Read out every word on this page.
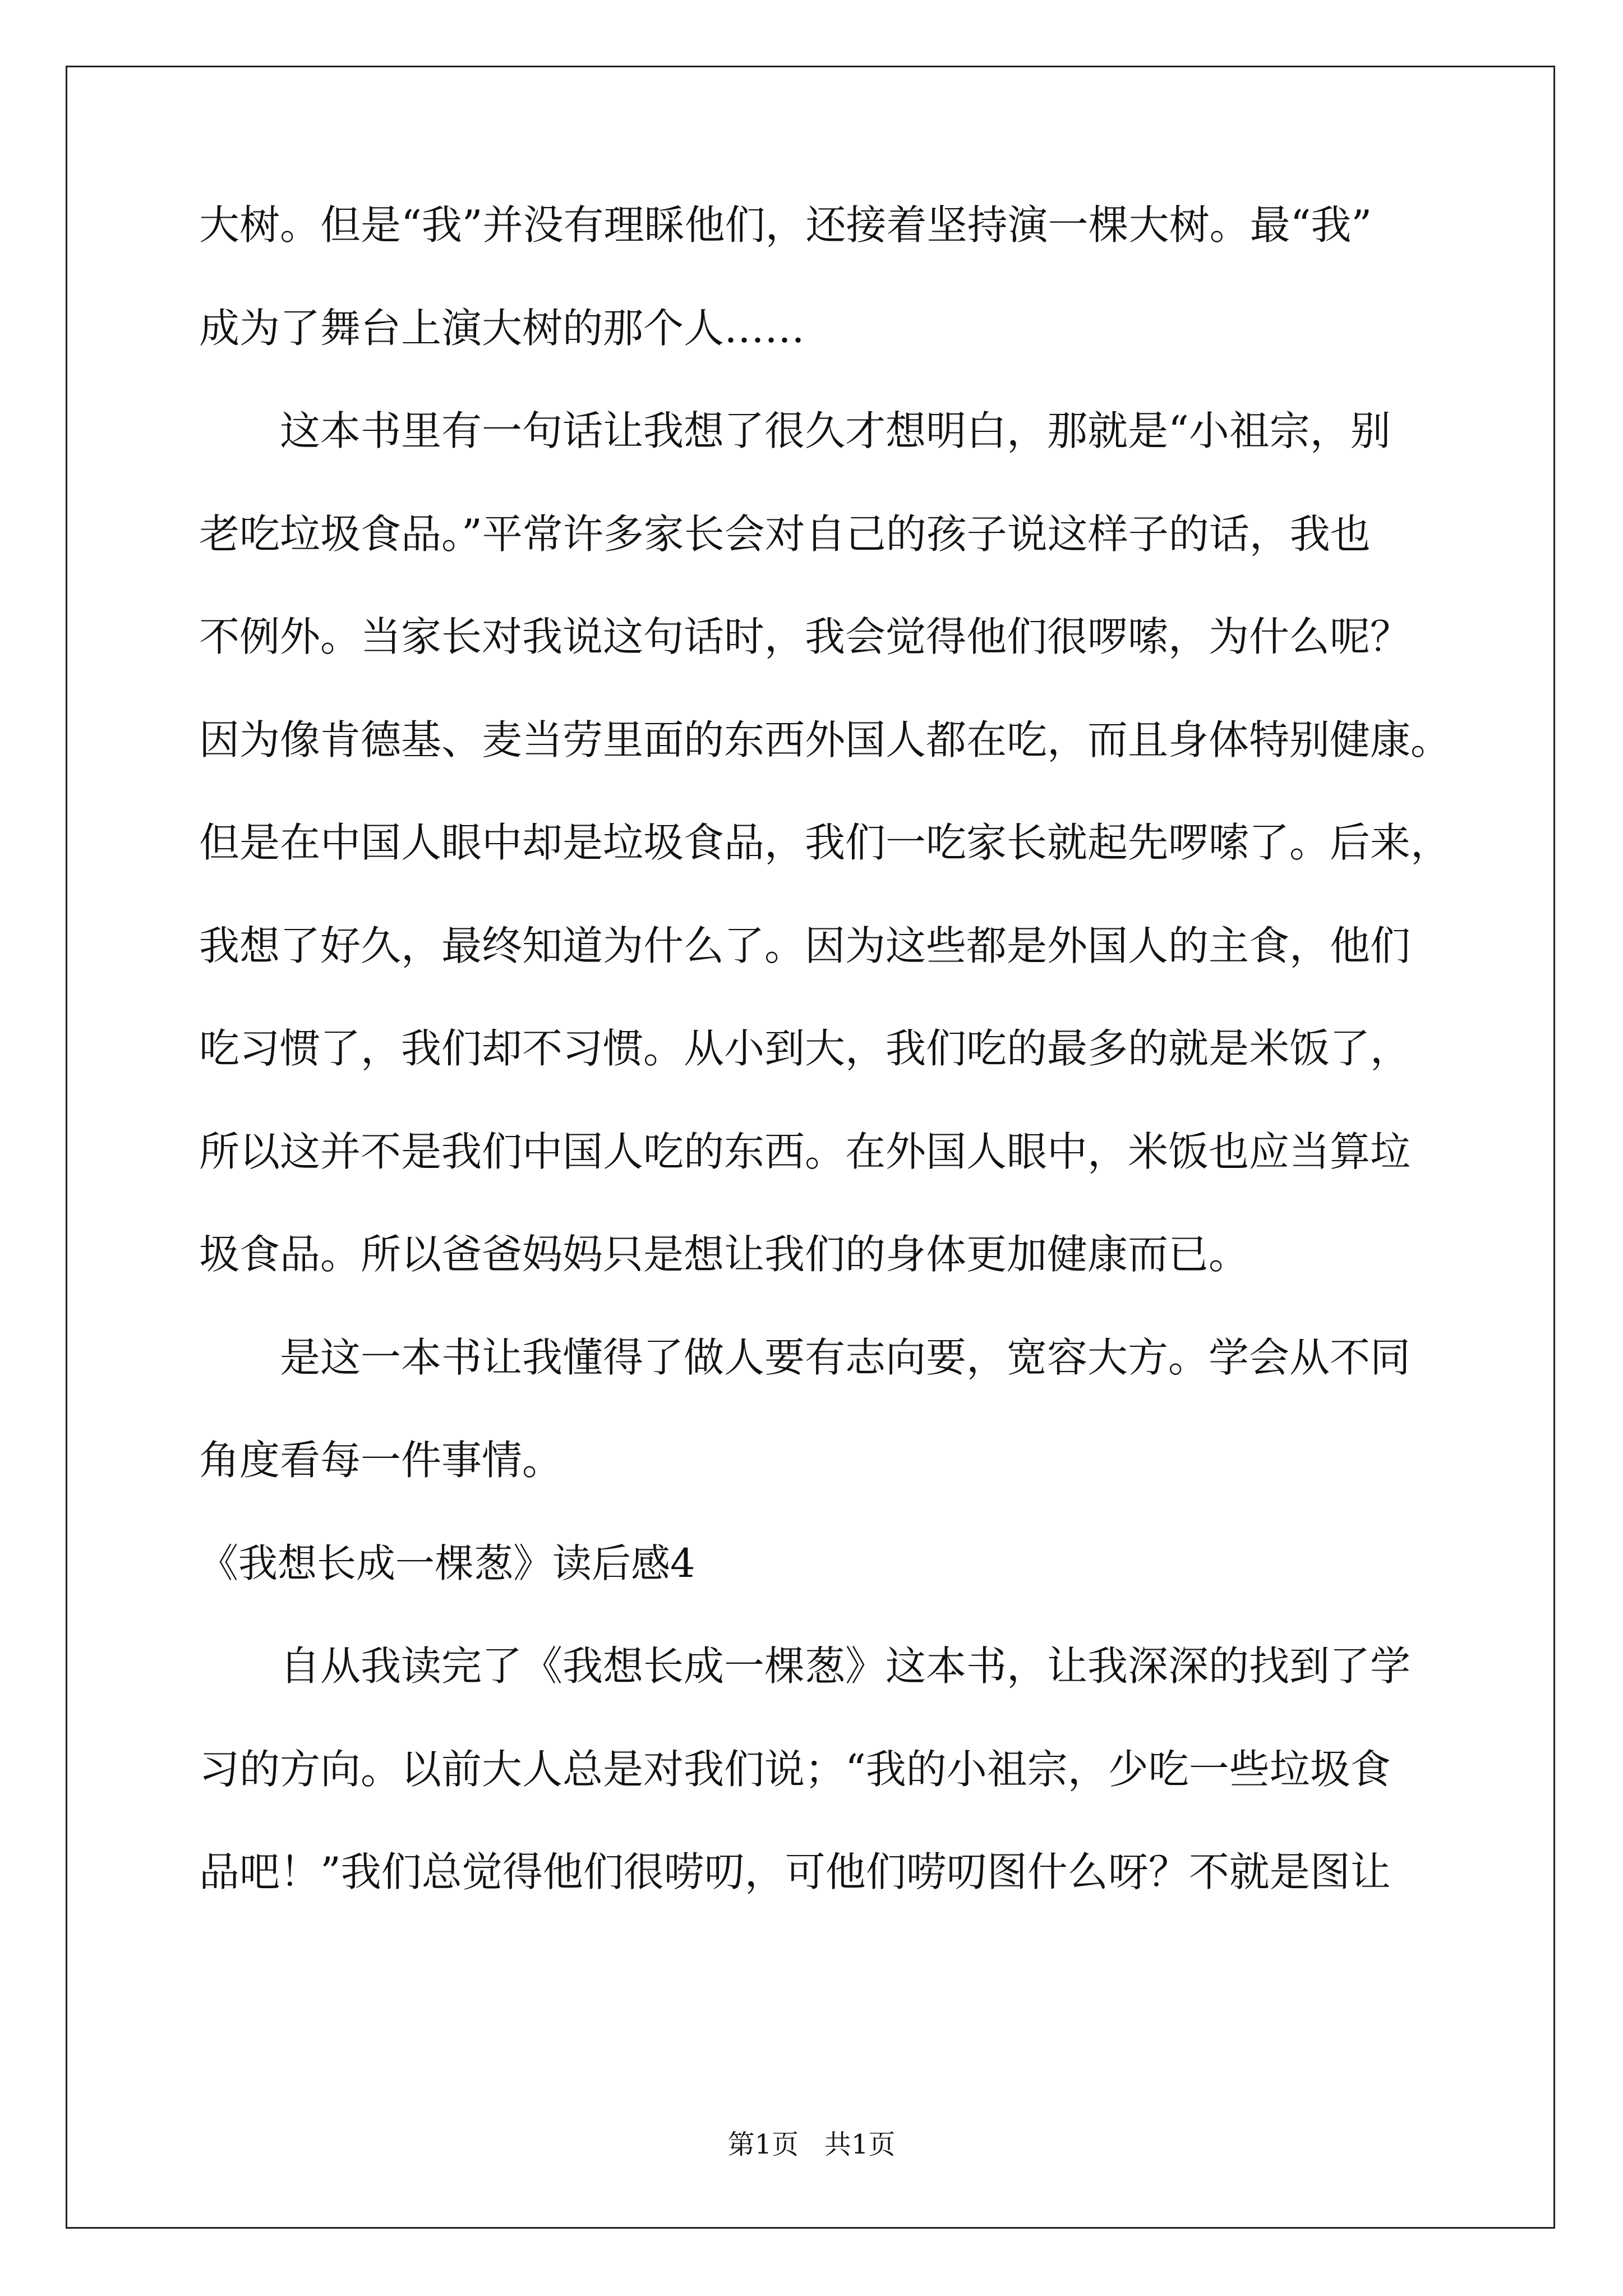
大树。但是“我”并没有理睬他们，还接着坚持演一棵大树。最“我”
成为了舞台上演大树的那个人……
这本书里有一句话让我想了很久才想明白，那就是“小祖宗，别
老吃垃圾食品。”平常许多家长会对自己的孩子说这样子的话，我也
不例外。当家长对我说这句话时，我会觉得他们很啰嗦，为什么呢？
因为像肯德基、麦当劳里面的东西外国人都在吃，而且身体特别健康。
但是在中国人眼中却是垃圾食品，我们一吃家长就起先啰嗦了。后来，
我想了好久，最终知道为什么了。因为这些都是外国人的主食，他们
吃习惯了，我们却不习惯。从小到大，我们吃的最多的就是米饭了，
所以这并不是我们中国人吃的东西。在外国人眼中，米饭也应当算垃
圾食品。所以爸爸妈妈只是想让我们的身体更加健康而已。
是这一本书让我懂得了做人要有志向要，宽容大方。学会从不同
角度看每一件事情。
《我想长成一棵葱》读后感4
自从我读完了《我想长成一棵葱》这本书，让我深深的找到了学
习的方向。以前大人总是对我们说；“我的小祖宗，少吃一些垃圾食
品吧！”我们总觉得他们很唠叨，可他们唠叨图什么呀？不就是图让
第1页   共1页
